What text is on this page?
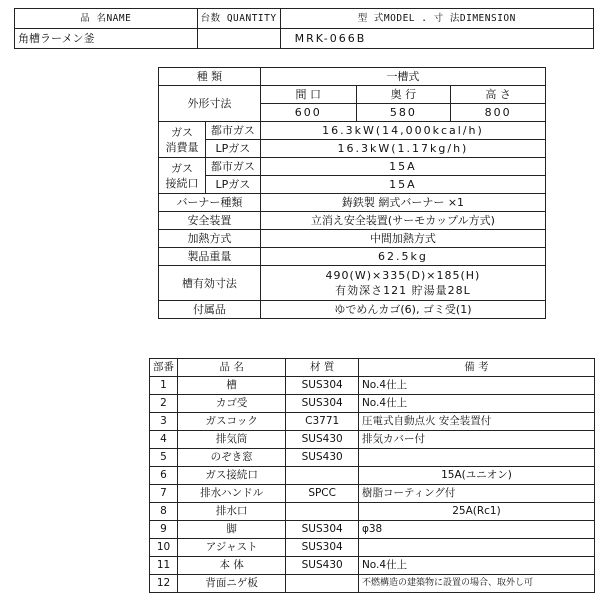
品 名NAME	台数 QUANTITY	型 式MODEL . 寸 法DIMENSION
角槽ラーメン釜		MRK-066B
種 類		一槽式		
外形寸法		間 口	奥 行	高 さ
		600	580	800
ガス
消費量	都市ガス	16.3kW(14,000kcal/h)		
	LPガス	16.3kW(1.17kg/h)		
ガス
接続口	都市ガス	15A		
	LPガス	15A		
バーナー種類		鋳鉄製 網式バーナー ×1		
安全装置		立消え安全装置(サーモカップル方式)		
加熱方式		中間加熱方式		
製品重量		62.5kg		
槽有効寸法		490(W)×335(D)×185(H)
有効深さ121 貯湯量28L		
付属品		ゆでめんカゴ(6), ゴミ受(1)		
部番	品 名	材 質	備 考
1	槽	SUS304	No.4仕上
2	カゴ受	SUS304	No.4仕上
3	ガスコック	C3771	圧電式自動点火 安全装置付
4	排気筒	SUS430	排気カバー付
5	のぞき窓	SUS430	
6	ガス接続口		15A(ユニオン)
7	排水ハンドル	SPCC	樹脂コーティング付
8	排水口		25A(Rc1)
9	脚	SUS304	φ38
10	アジャスト	SUS304	
11	本 体	SUS430	No.4仕上
12	背面ニゲ板		不燃構造の建築物に設置の場合、取外し可
